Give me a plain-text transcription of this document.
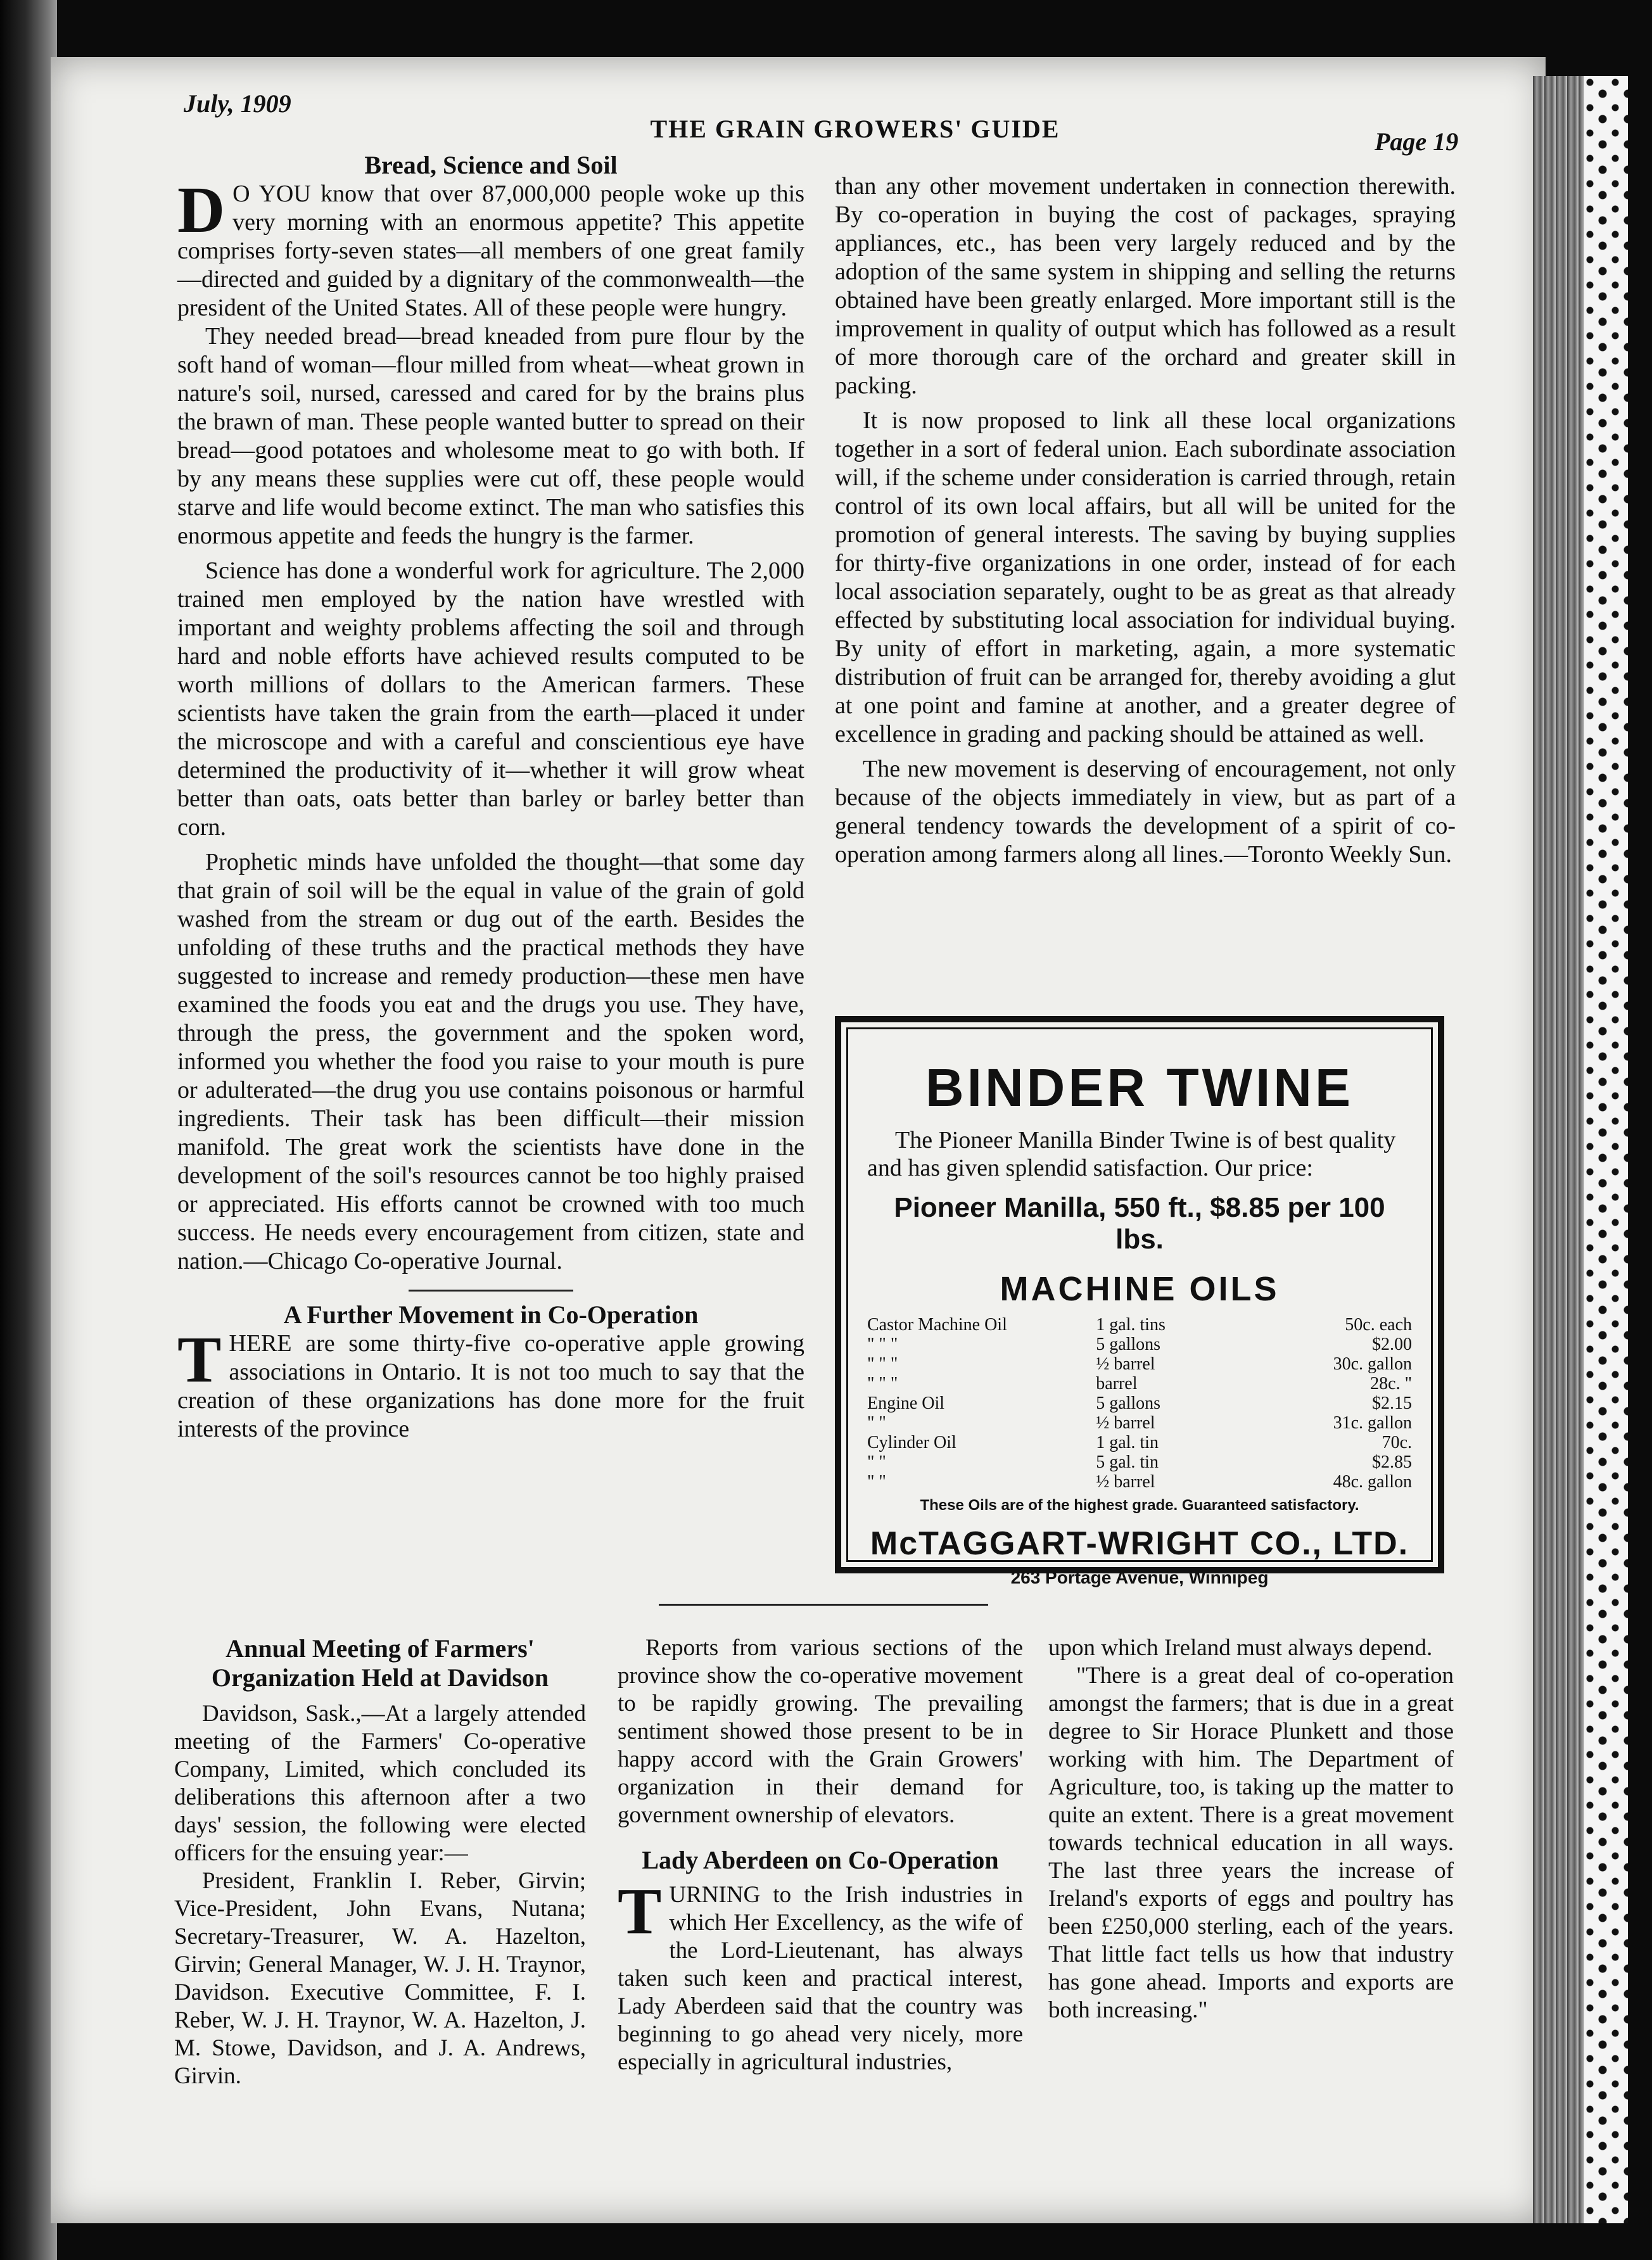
July, 1909
THE GRAIN GROWERS' GUIDE	Page 19
Bread, Science and Soil

D O YOU know that over 87,000,000 people woke up this very morning with an enormous appetite? This appetite comprises forty-seven states—all members of one great family—directed and guided by a dignitary of the commonwealth—the president of the United States. All of these people were hungry.

They needed bread—bread kneaded from pure flour by the soft hand of woman—flour milled from wheat—wheat grown in nature's soil, nursed, caressed and cared for by the brains plus the brawn of man. These people wanted butter to spread on their bread—good potatoes and wholesome meat to go with both. If by any means these supplies were cut off, these people would starve and life would become extinct. The man who satisfies this enormous appetite and feeds the hungry is the farmer.

Science has done a wonderful work for agriculture. The 2,000 trained men employed by the nation have wrestled with important and weighty problems affecting the soil and through hard and noble efforts have achieved results computed to be worth millions of dollars to the American farmers. These scientists have taken the grain from the earth—placed it under the microscope and with a careful and conscientious eye have determined the productivity of it—whether it will grow wheat better than oats, oats better than barley or barley better than corn.

Prophetic minds have unfolded the thought—that some day that grain of soil will be the equal in value of the grain of gold washed from the stream or dug out of the earth. Besides the unfolding of these truths and the practical methods they have suggested to increase and remedy production—these men have examined the foods you eat and the drugs you use. They have, through the press, the government and the spoken word, informed you whether the food you raise to your mouth is pure or adulterated—the drug you use contains poisonous or harmful ingredients. Their task has been difficult—their mission manifold. The great work the scientists have done in the development of the soil's resources cannot be too highly praised or appreciated. His efforts cannot be crowned with too much success. He needs every encouragement from citizen, state and nation.—Chicago Co-operative Journal.

A Further Movement in Co-Operation

THERE are some thirty-five co-operative apple growing associations in Ontario. It is not too much to say that the creation of these organizations has done more for the fruit interests of the province

than any other movement undertaken in connection therewith. By co-operation in buying the cost of packages, spraying appliances, etc., has been very largely reduced and by the adoption of the same system in shipping and selling the returns obtained have been greatly enlarged. More important still is the improvement in quality of output which has followed as a result of more thorough care of the orchard and greater skill in packing.

It is now proposed to link all these local organizations together in a sort of federal union. Each subordinate association will, if the scheme under consideration is carried through, retain control of its own local affairs, but all will be united for the promotion of general interests. The saving by buying supplies for thirty-five organizations in one order, instead of for each local association separately, ought to be as great as that already effected by substituting local association for individual buying. By unity of effort in marketing, again, a more systematic distribution of fruit can be arranged for, thereby avoiding a glut at one point and famine at another, and a greater degree of excellence in grading and packing should be attained as well.

The new movement is deserving of encouragement, not only because of the objects immediately in view, but as part of a general tendency towards the development of a spirit of co-operation among farmers along all lines.—Toronto Weekly Sun.

BINDER TWINE
The Pioneer Manilla Binder Twine is of best quality and has given splendid satisfaction. Our price:
Pioneer Manilla, 550 ft., $8.85 per 100 lbs.
MACHINE OILS
Castor Machine Oil	1 gal. tins	50c. each
" " "	5 gallons	$2.00
" " "	½ barrel	30c. gallon
" " "	barrel	28c. "
Engine Oil	5 gallons	$2.15
" "	½ barrel	31c. gallon
Cylinder Oil	1 gal. tin	70c.
" "	5 gal. tin	$2.85
" "	½ barrel	48c. gallon
These Oils are of the highest grade. Guaranteed satisfactory.
McTAGGART-WRIGHT CO., LTD.
263 Portage Avenue, Winnipeg
Annual Meeting of Farmers' Organization Held at Davidson

Davidson, Sask.,—At a largely attended meeting of the Farmers' Co-operative Company, Limited, which concluded its deliberations this afternoon after a two days' session, the following were elected officers for the ensuing year:—

President, Franklin I. Reber, Girvin; Vice-President, John Evans, Nutana; Secretary-Treasurer, W. A. Hazelton, Girvin; General Manager, W. J. H. Traynor, Davidson. Executive Committee, F. I. Reber, W. J. H. Traynor, W. A. Hazelton, J. M. Stowe, Davidson, and J. A. Andrews, Girvin.

Reports from various sections of the province show the co-operative movement to be rapidly growing. The prevailing sentiment showed those present to be in happy accord with the Grain Growers' organization in their demand for government ownership of elevators.

Lady Aberdeen on Co-Operation

TURNING to the Irish industries in which Her Excellency, as the wife of the Lord-Lieutenant, has always taken such keen and practical interest, Lady Aberdeen said that the country was beginning to go ahead very nicely, more especially in agricultural industries,

upon which Ireland must always depend.

"There is a great deal of co-operation amongst the farmers; that is due in a great degree to Sir Horace Plunkett and those working with him. The Department of Agriculture, too, is taking up the matter to quite an extent. There is a great movement towards technical education in all ways. The last three years the increase of Ireland's exports of eggs and poultry has been £250,000 sterling, each of the years. That little fact tells us how that industry has gone ahead. Imports and exports are both increasing."
